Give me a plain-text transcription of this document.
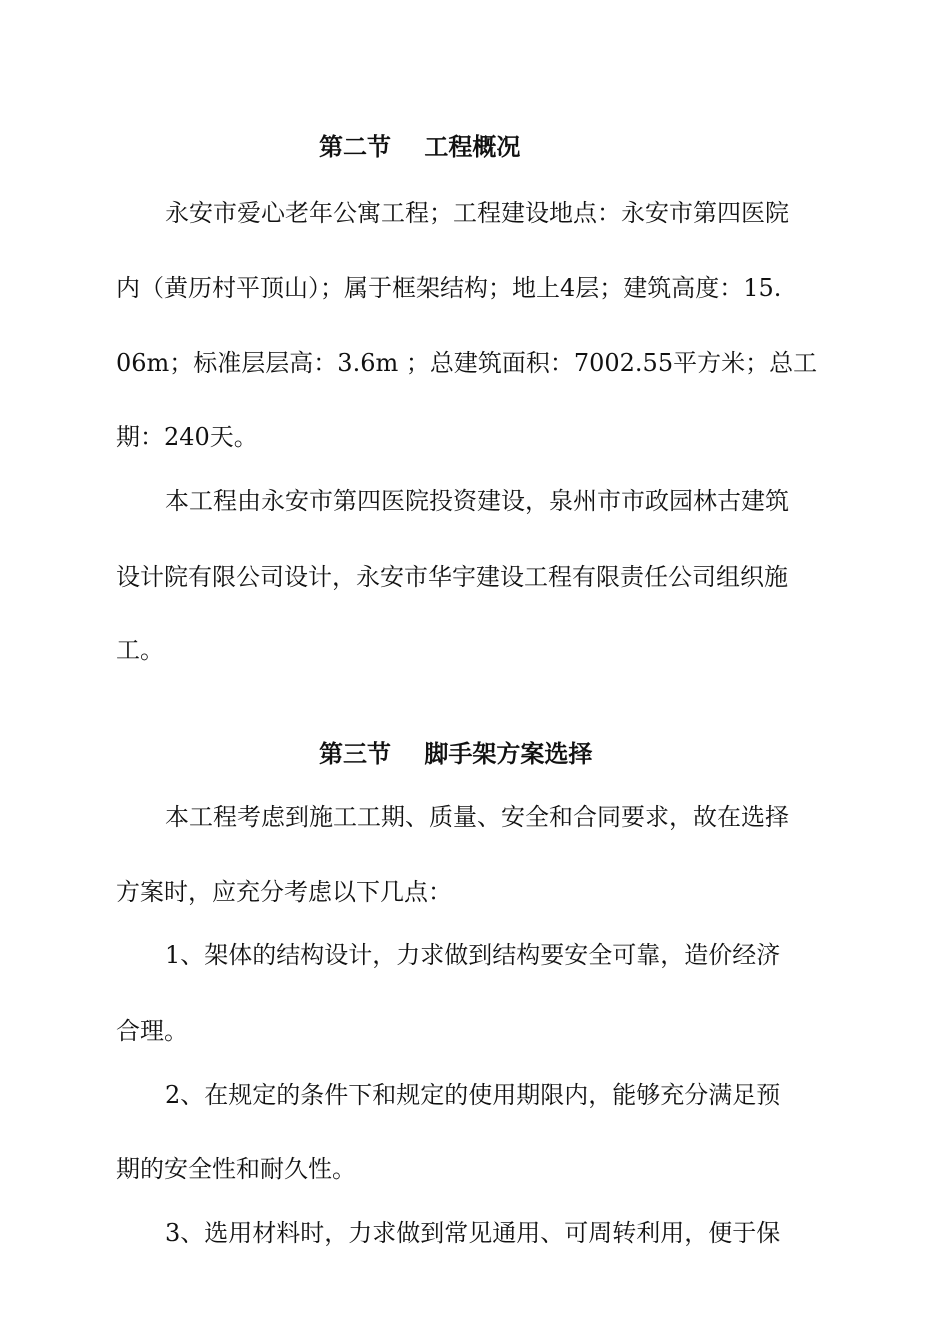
第二节    工程概况
永安市爱心老年公寓工程；工程建设地点：永安市第四医院
内（黄历村平顶山）；属于框架结构；地上4层；建筑高度：15.
06m；标准层层高：3.6m ；总建筑面积：7002.55平方米；总工
期：240天。
本工程由永安市第四医院投资建设，泉州市市政园林古建筑
设计院有限公司设计，永安市华宇建设工程有限责任公司组织施
工。
第三节    脚手架方案选择
本工程考虑到施工工期、质量、安全和合同要求，故在选择
方案时，应充分考虑以下几点：
1、架体的结构设计，力求做到结构要安全可靠，造价经济
合理。
2、在规定的条件下和规定的使用期限内，能够充分满足预
期的安全性和耐久性。
3、选用材料时，力求做到常见通用、可周转利用，便于保
